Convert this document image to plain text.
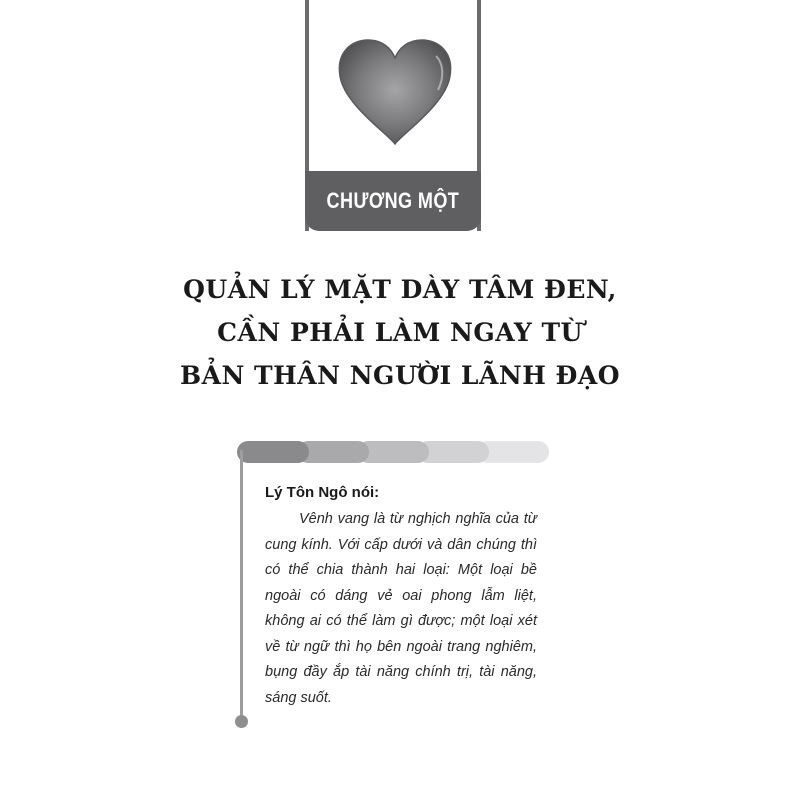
CHƯƠNG MỘT
QUẢN LÝ MẶT DÀY TÂM ĐEN,
CẦN PHẢI LÀM NGAY TỪ
BẢN THÂN NGƯỜI LÃNH ĐẠO

Lý Tôn Ngô nói:

Vênh vang là từ nghịch nghĩa của từ cung kính. Với cấp dưới và dân chúng thì có thể chia thành hai loại: Một loại bề ngoài có dáng vẻ oai phong lẫm liệt, không ai có thể làm gì được; một loại xét về từ ngữ thì họ bên ngoài trang nghiêm, bụng đầy ắp tài năng chính trị, tài năng, sáng suốt.
